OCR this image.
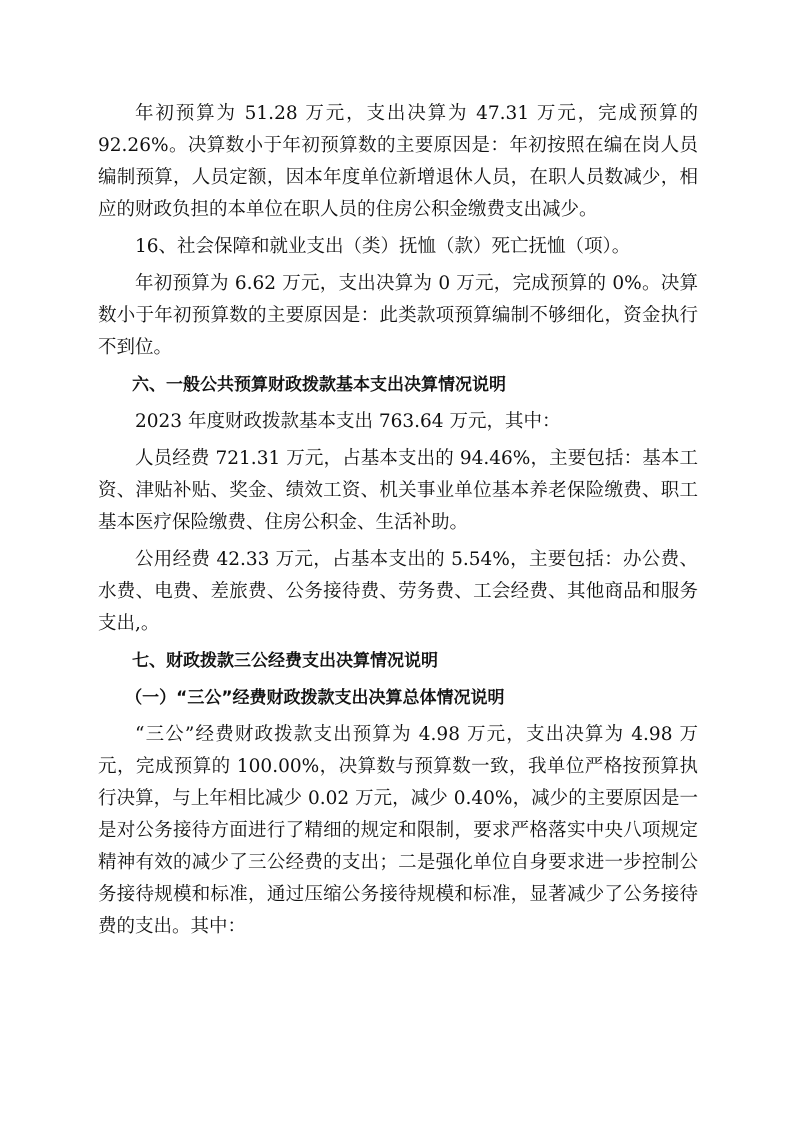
年初预算为 51.28 万元，支出决算为 47.31 万元，完成预算的 92.26%。决算数小于年初预算数的主要原因是：年初按照在编在岗人员编制预算，人员定额，因本年度单位新增退休人员，在职人员数减少，相应的财政负担的本单位在职人员的住房公积金缴费支出减少。

16、社会保障和就业支出（类）抚恤（款）死亡抚恤（项）。

年初预算为 6.62 万元，支出决算为 0 万元，完成预算的 0%。决算数小于年初预算数的主要原因是：此类款项预算编制不够细化，资金执行不到位。

六、一般公共预算财政拨款基本支出决算情况说明

2023 年度财政拨款基本支出 763.64 万元，其中：

人员经费 721.31 万元，占基本支出的 94.46%，主要包括：基本工资、津贴补贴、奖金、绩效工资、机关事业单位基本养老保险缴费、职工基本医疗保险缴费、住房公积金、生活补助。

公用经费 42.33 万元，占基本支出的 5.54%，主要包括：办公费、水费、电费、差旅费、公务接待费、劳务费、工会经费、其他商品和服务支出,。

七、财政拨款三公经费支出决算情况说明

（一）“三公”经费财政拨款支出决算总体情况说明

“三公”经费财政拨款支出预算为 4.98 万元，支出决算为 4.98 万元，完成预算的 100.00%，决算数与预算数一致，我单位严格按预算执行决算，与上年相比减少 0.02 万元，减少 0.40%，减少的主要原因是一是对公务接待方面进行了精细的规定和限制，要求严格落实中央八项规定精神有效的减少了三公经费的支出；二是强化单位自身要求进一步控制公务接待规模和标准，通过压缩公务接待规模和标准，显著减少了公务接待费的支出。其中：
